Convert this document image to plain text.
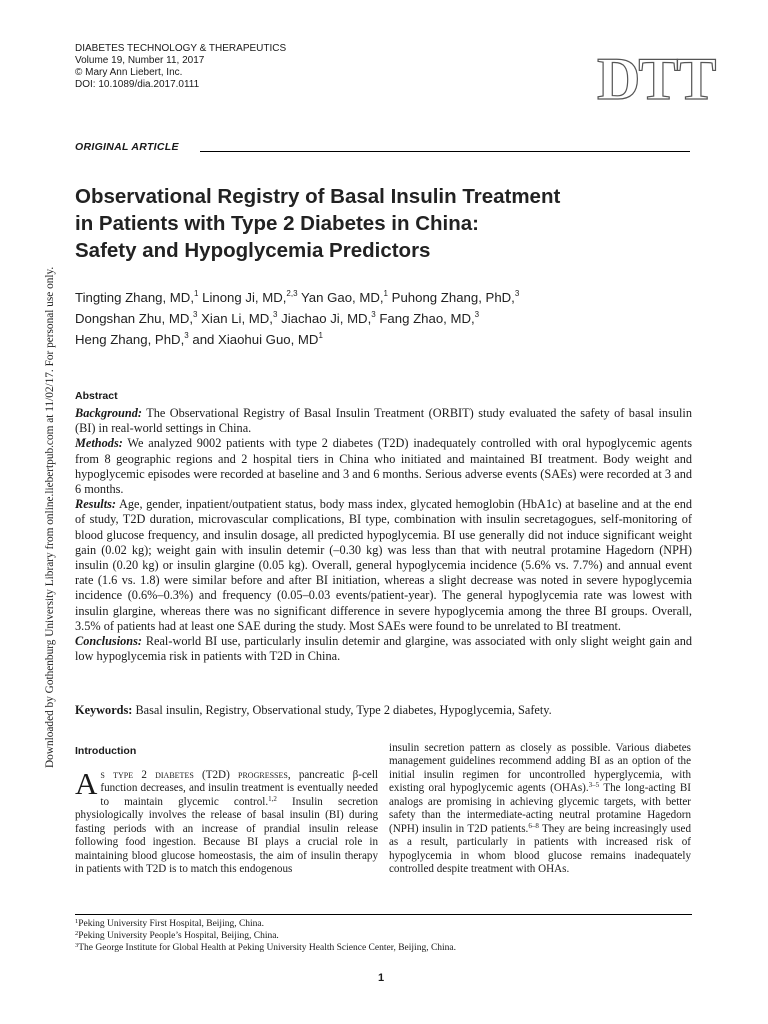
DIABETES TECHNOLOGY & THERAPEUTICS
Volume 19, Number 11, 2017
© Mary Ann Liebert, Inc.
DOI: 10.1089/dia.2017.0111	DTT
Downloaded by Gothenburg University Library from online.liebertpub.com at 11/02/17. For personal use only.
ORIGINAL ARTICLE
Observational Registry of Basal Insulin Treatment
in Patients with Type 2 Diabetes in China:
Safety and Hypoglycemia Predictors
Tingting Zhang, MD,$^1$ Linong Ji, MD,$^{2,3}$ Yan Gao, MD,$^1$ Puhong Zhang, PhD,$^3$
Dongshan Zhu, MD,$^3$ Xian Li, MD,$^3$ Jiachao Ji, MD,$^3$ Fang Zhao, MD,$^3$
Heng Zhang, PhD,$^3$ and Xiaohui Guo, $MD^1$
Abstract

Background: The Observational Registry of Basal Insulin Treatment (ORBIT) study evaluated the safety of basal insulin (BI) in real-world settings in China.

Methods: We analyzed 9002 patients with type 2 diabetes (T2D) inadequately controlled with oral hypoglycemic agents from 8 geographic regions and 2 hospital tiers in China who initiated and maintained BI treatment. Body weight and hypoglycemic episodes were recorded at baseline and 3 and 6 months. Serious adverse events (SAEs) were recorded at 3 and 6 months.

Results: Age, gender, inpatient/outpatient status, body mass index, glycated hemoglobin (HbA1c) at baseline and at the end of study, T2D duration, microvascular complications, BI type, combination with insulin secretagogues, self-monitoring of blood glucose frequency, and insulin dosage, all predicted hypoglycemia. BI use generally did not induce significant weight gain (0.02 kg); weight gain with insulin detemir (–0.30 kg) was less than that with neutral protamine Hagedorn (NPH) insulin (0.20 kg) or insulin glargine (0.05 kg). Overall, general hypoglycemia incidence (5.6% vs. 7.7%) and annual event rate (1.6 vs. 1.8) were similar before and after BI initiation, whereas a slight decrease was noted in severe hypoglycemia incidence (0.6%–0.3%) and frequency (0.05–0.03 events/patient-year). The general hypoglycemia rate was lowest with insulin glargine, whereas there was no significant difference in severe hypoglycemia among the three BI groups. Overall, 3.5% of patients had at least one SAE during the study. Most SAEs were found to be unrelated to BI treatment.

Conclusions: Real-world BI use, particularly insulin detemir and glargine, was associated with only slight weight gain and low hypoglycemia risk in patients with T2D in China.

Keywords: Basal insulin, Registry, Observational study, Type 2 diabetes, Hypoglycemia, Safety.
Introduction

As type 2 diabetes (T2D) progresses, pancreatic β-cell function decreases, and insulin treatment is eventually needed to maintain glycemic control.$^{1,2}$ Insulin secretion physiologically involves the release of basal insulin (BI) during fasting periods with an increase of prandial insulin release following food ingestion. Because BI plays a crucial role in maintaining blood glucose homeostasis, the aim of insulin therapy in patients with T2D is to match this endogenous

insulin secretion pattern as closely as possible. Various diabetes management guidelines recommend adding BI as an option of the initial insulin regimen for uncontrolled hyperglycemia, with existing oral hypoglycemic agents (OHAs).$^{3-5}$ The long-acting BI analogs are promising in achieving glycemic targets, with better safety than the intermediate-acting neutral protamine Hagedorn (NPH) insulin in T2D patients.$^{6-8}$ They are being increasingly used as a result, particularly in patients with increased risk of hypoglycemia in whom blood glucose remains inadequately controlled despite treatment with OHAs.

$^1$Peking University First Hospital, Beijing, China.
$^2$Peking University People’s Hospital, Beijing, China.
$^3$The George Institute for Global Health at Peking University Health Science Center, Beijing, China.
1
